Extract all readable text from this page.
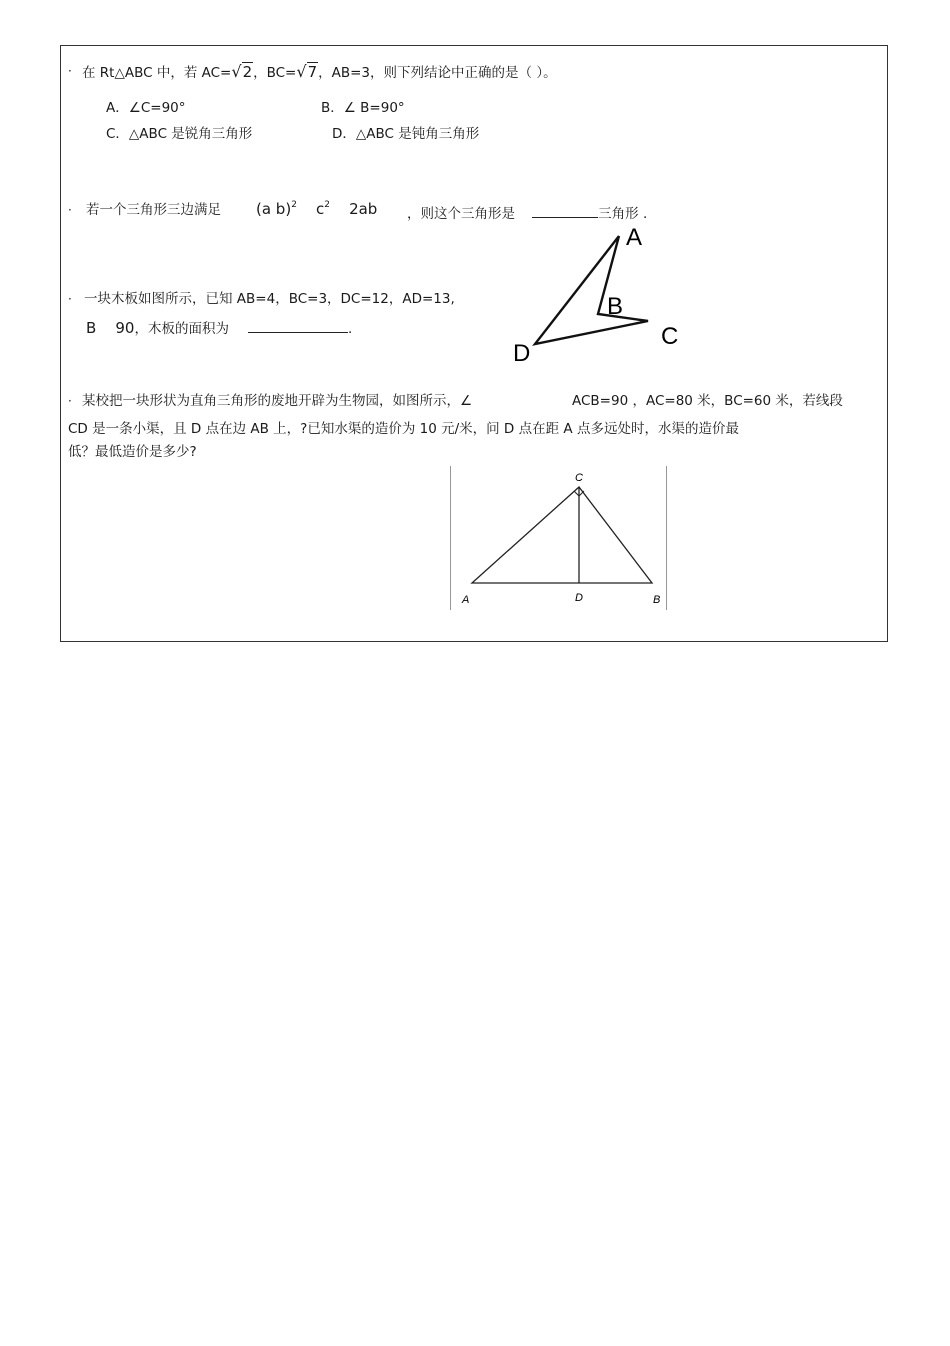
· 在 Rt△ABC 中，若 AC=√2，BC=√7，AB=3，则下列结论中正确的是（ ）。
A．∠C=90°	B．∠ B=90°
C．△ABC 是锐角三角形	D．△ABC 是钝角三角形
· 若一个三角形三边满足 (a b)$^2$ $c^2$ 2ab ，则这个三角形是	三角形 .
· 一块木板如图所示，已知 AB=4，BC=3，DC=12，AD=13,
B 90，木板的面积为	.
A
B
C
D
· 某校把一块形状为直角三角形的废地开辟为生物园，如图所示，∠	ACB=90 ，AC=80 米，BC=60 米，若线段
CD 是一条小渠，且 D 点在边 AB 上，?已知水渠的造价为 10 元/米，问 D 点在距 A 点多远处时，水渠的造价最
低？最低造价是多少?
C
A	D	B
